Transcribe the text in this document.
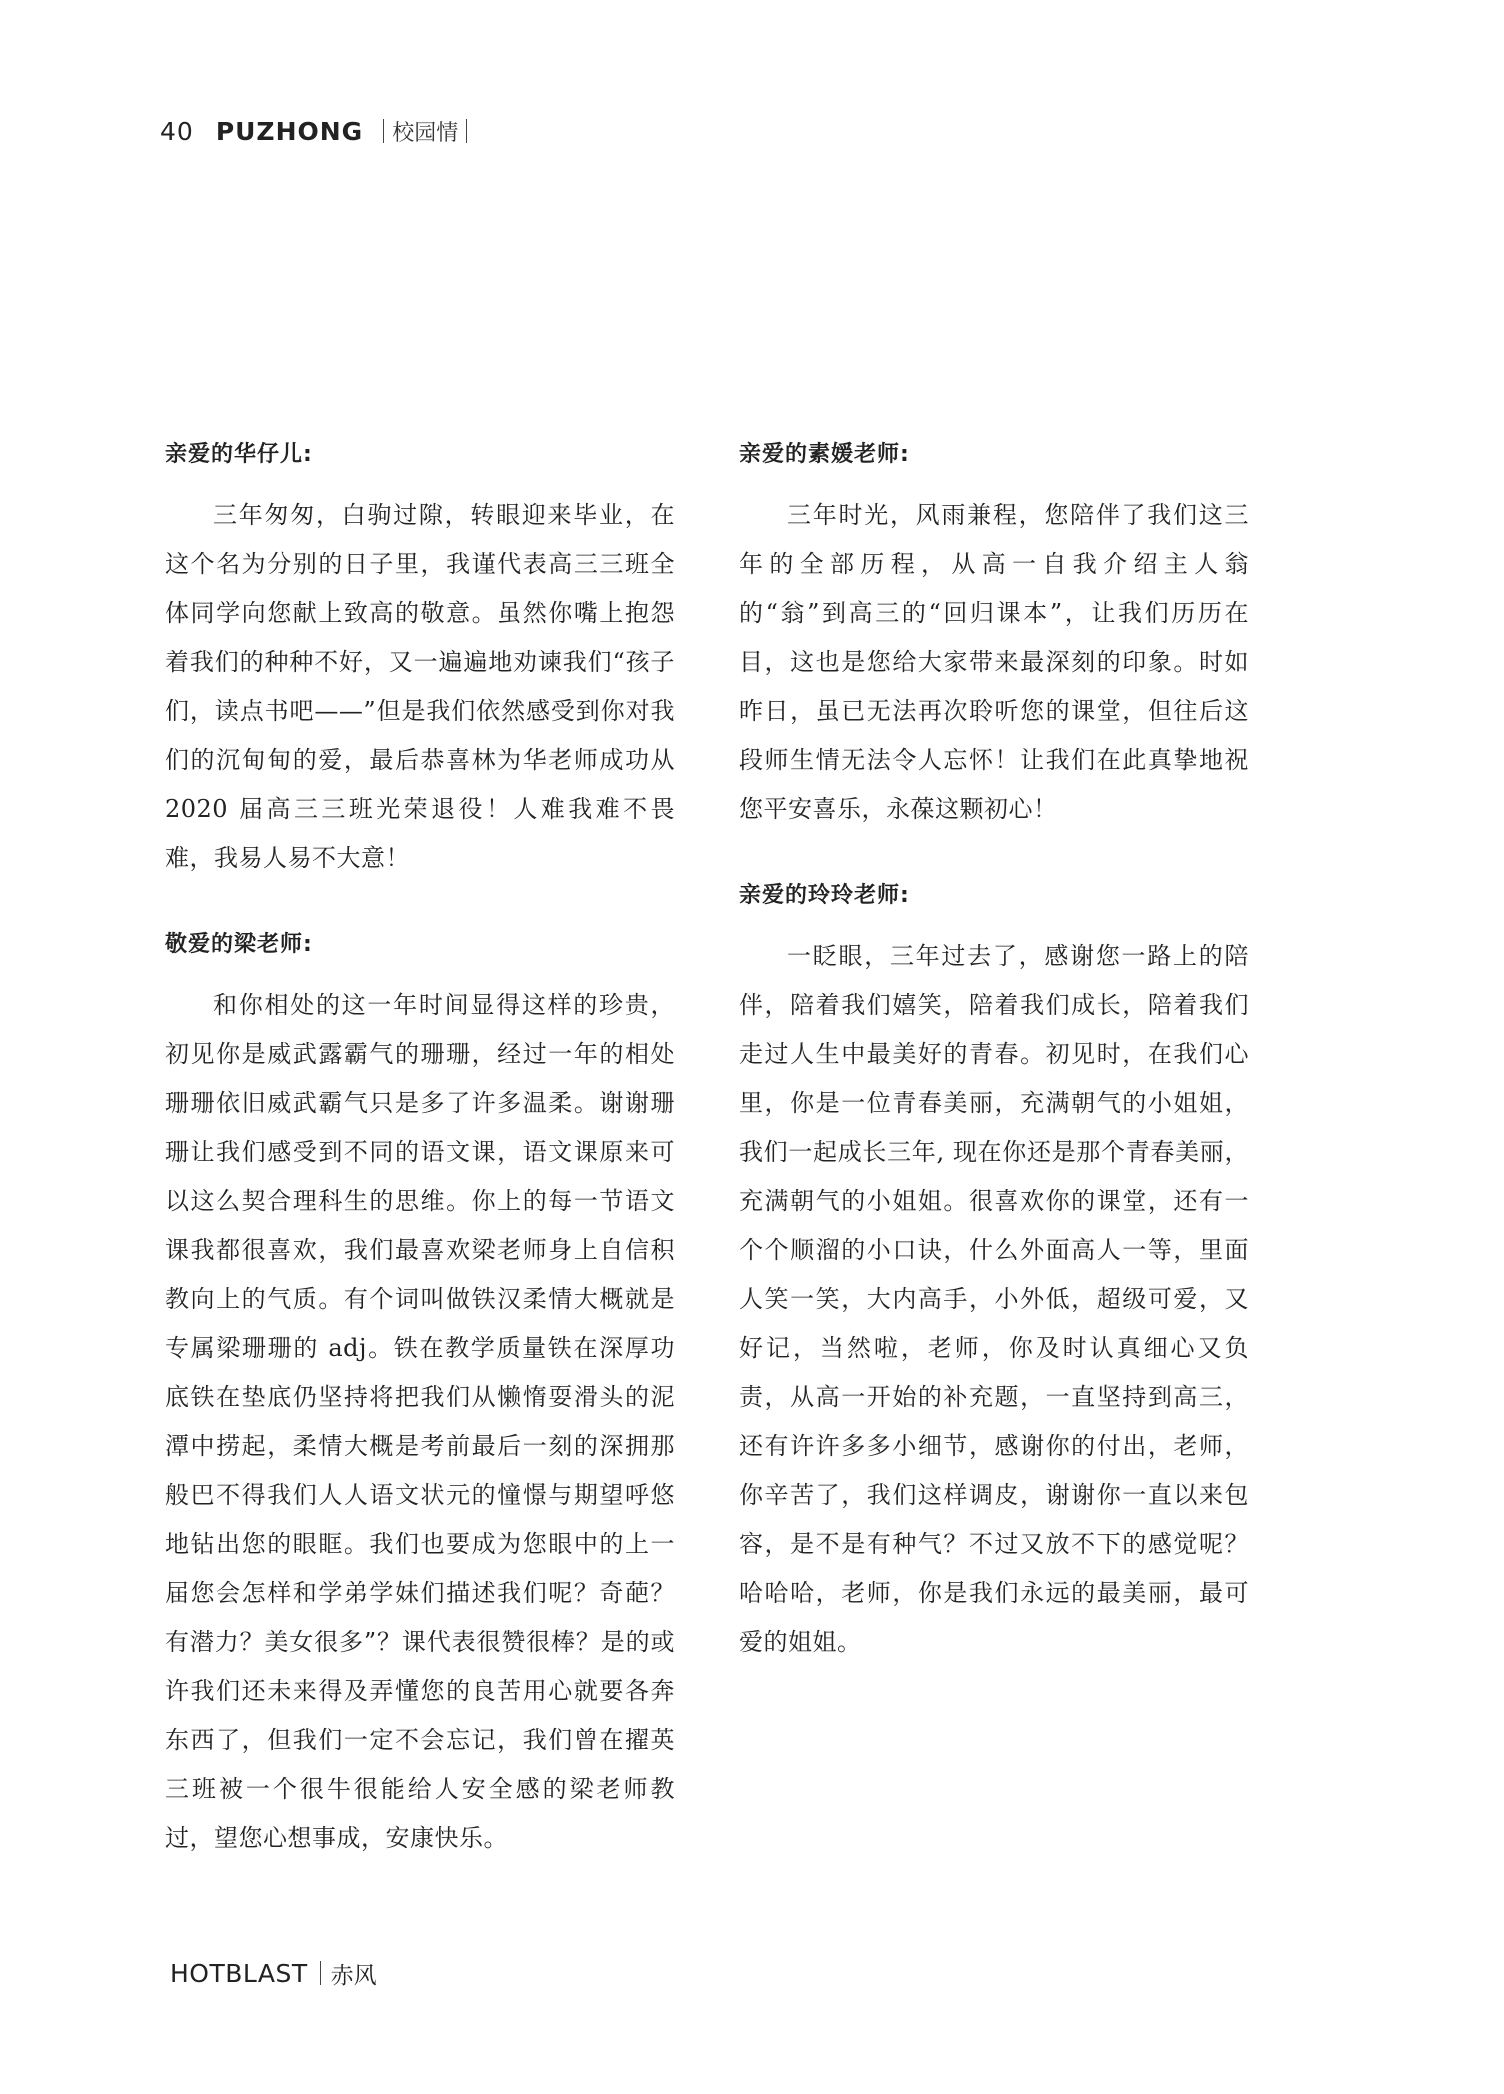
40 PUZHONG 校园情

亲爱的华仔儿:

三年匆匆，白驹过隙，转眼迎来毕业，在这个名为分别的日子里，我谨代表高三三班全体同学向您献上致高的敬意。虽然你嘴上抱怨着我们的种种不好，又一遍遍地劝谏我们“孩子们，读点书吧——”但是我们依然感受到你对我们的沉甸甸的爱，最后恭喜林为华老师成功从 2020 届高三三班光荣退役！人难我难不畏难，我易人易不大意！

敬爱的梁老师:

和你相处的这一年时间显得这样的珍贵，初见你是威武露霸气的珊珊，经过一年的相处珊珊依旧威武霸气只是多了许多温柔。谢谢珊珊让我们感受到不同的语文课，语文课原来可以这么契合理科生的思维。你上的每一节语文课我都很喜欢，我们最喜欢梁老师身上自信积教向上的气质。有个词叫做铁汉柔情大概就是专属梁珊珊的 adj。铁在教学质量铁在深厚功底铁在垫底仍坚持将把我们从懒惰耍滑头的泥潭中捞起，柔情大概是考前最后一刻的深拥那般巴不得我们人人语文状元的憧憬与期望呼悠地钻出您的眼眶。我们也要成为您眼中的上一届您会怎样和学弟学妹们描述我们呢？奇葩？有潜力？美女很多”？课代表很赞很棒？是的或许我们还未来得及弄懂您的良苦用心就要各奔东西了，但我们一定不会忘记，我们曾在擢英三班被一个很牛很能给人安全感的梁老师教过，望您心想事成，安康快乐。

亲爱的素媛老师:

三年时光，风雨兼程，您陪伴了我们这三年的全部历程，从高一自我介绍主人翁的“翁”到高三的“回归课本”，让我们历历在目，这也是您给大家带来最深刻的印象。时如昨日，虽已无法再次聆听您的课堂，但往后这段师生情无法令人忘怀！让我们在此真挚地祝您平安喜乐，永葆这颗初心！

亲爱的玲玲老师:

一眨眼，三年过去了，感谢您一路上的陪伴，陪着我们嬉笑，陪着我们成长，陪着我们走过人生中最美好的青春。初见时，在我们心里，你是一位青春美丽，充满朝气的小姐姐，我们一起成长三年, 现在你还是那个青春美丽，充满朝气的小姐姐。很喜欢你的课堂，还有一个个顺溜的小口诀，什么外面高人一等，里面人笑一笑，大内高手，小外低，超级可爱，又好记，当然啦，老师，你及时认真细心又负责，从高一开始的补充题，一直坚持到高三，还有许许多多小细节，感谢你的付出，老师，你辛苦了，我们这样调皮，谢谢你一直以来包容，是不是有种气？不过又放不下的感觉呢？哈哈哈，老师，你是我们永远的最美丽，最可爱的姐姐。

HOTBLAST 赤风
